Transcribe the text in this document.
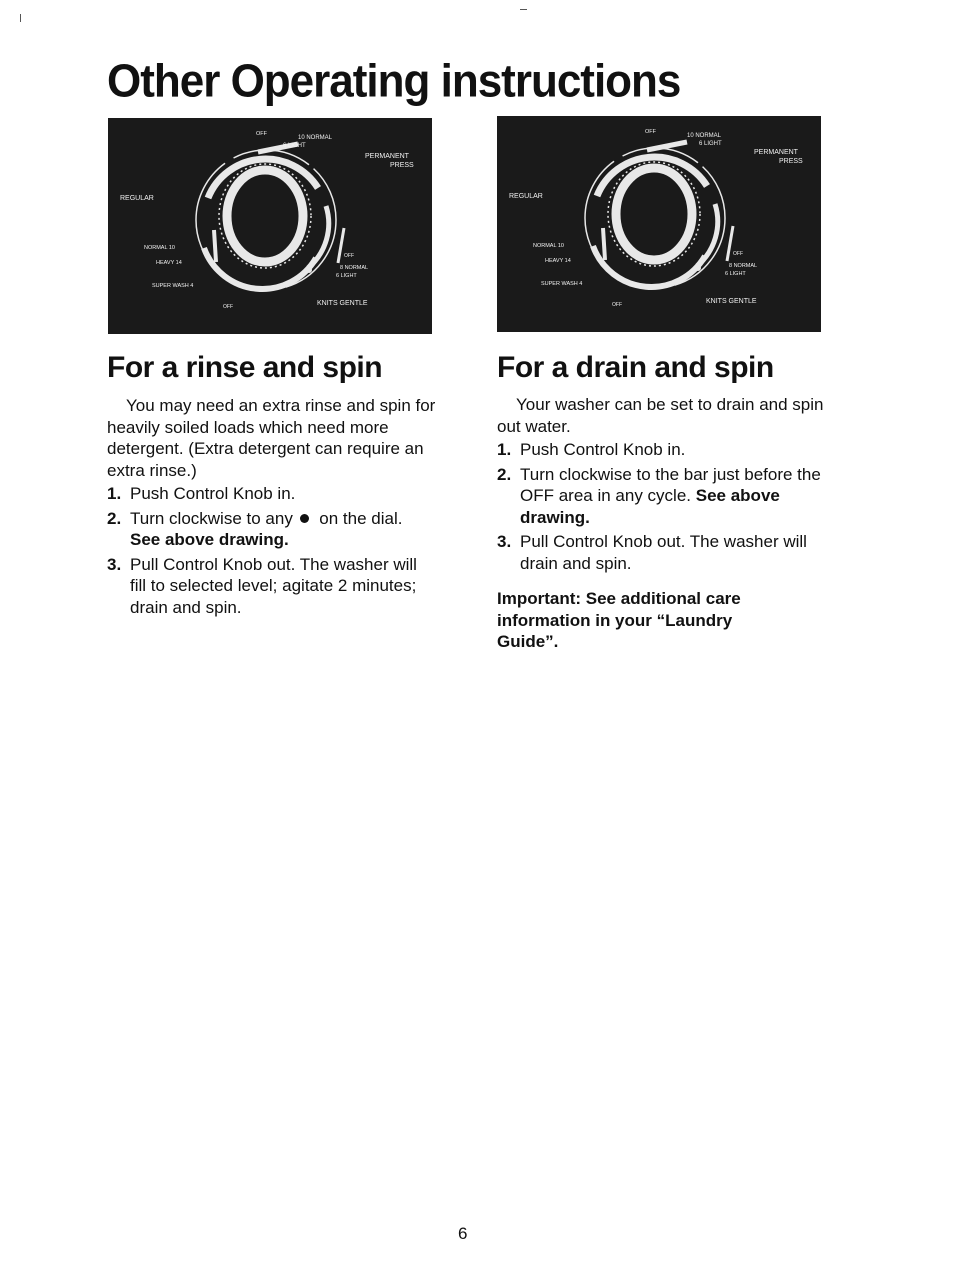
Other Operating instructions
OFF
10 NORMAL
6 LIGHT
PERMANENT
PRESS
REGULAR
NORMAL 10
HEAVY 14
SUPER WASH 4
OFF
8 NORMAL
6 LIGHT
OFF	KNITS GENTLE
OFF
10 NORMAL
6 LIGHT
PERMANENT
PRESS
REGULAR
NORMAL 10
HEAVY 14
SUPER WASH 4
OFF
8 NORMAL
6 LIGHT
OFF	KNITS GENTLE
For a rinse and spin

You may need an extra rinse and spin for heavily soiled loads which need more detergent. (Extra detergent can require an extra rinse.)

1. Push Control Knob in.
2. Turn clockwise to any on the dial. See above drawing.
3. Pull Control Knob out. The washer will fill to selected level; agitate 2 minutes; drain and spin.
For a drain and spin

Your washer can be set to drain and spin out water.

1. Push Control Knob in.
2. Turn clockwise to the bar just before the OFF area in any cycle. See above drawing.
3. Pull Control Knob out. The washer will drain and spin.
Important: See additional care information in your “Laundry Guide”.
6
